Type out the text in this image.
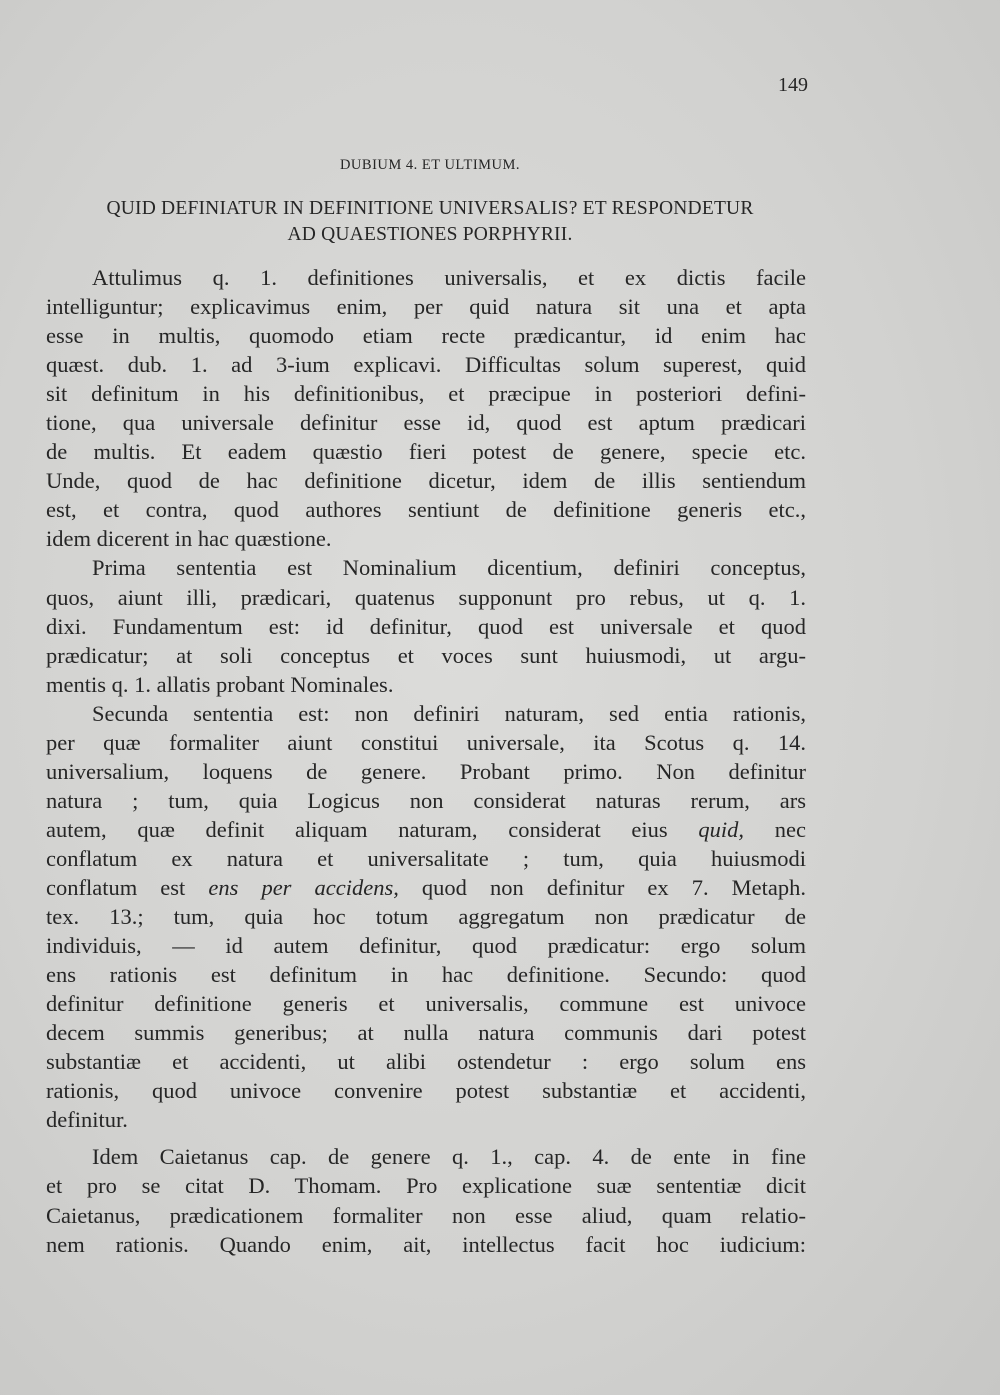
149
DUBIUM 4. ET ULTIMUM.
QUID DEFINIATUR IN DEFINITIONE UNIVERSALIS? ET RESPONDETUR
AD QUAESTIONES PORPHYRII.
Attulimus q. 1. definitiones universalis, et ex dictis facile
intelliguntur; explicavimus enim, per quid natura sit una et apta
esse in multis, quomodo etiam recte prædicantur, id enim hac
quæst. dub. 1. ad 3-ium explicavi. Difficultas solum superest, quid
sit definitum in his definitionibus, et præcipue in posteriori defini-
tione, qua universale definitur esse id, quod est aptum prædicari
de multis. Et eadem quæstio fieri potest de genere, specie etc.
Unde, quod de hac definitione dicetur, idem de illis sentiendum
est, et contra, quod authores sentiunt de definitione generis etc.,
idem dicerent in hac quæstione.
Prima sententia est Nominalium dicentium, definiri conceptus,
quos, aiunt illi, prædicari, quatenus supponunt pro rebus, ut q. 1.
dixi. Fundamentum est: id definitur, quod est universale et quod
prædicatur; at soli conceptus et voces sunt huiusmodi, ut argu-
mentis q. 1. allatis probant Nominales.
Secunda sententia est: non definiri naturam, sed entia rationis,
per quæ formaliter aiunt constitui universale, ita Scotus q. 14.
universalium, loquens de genere. Probant primo. Non definitur
natura ; tum, quia Logicus non considerat naturas rerum, ars
autem, quæ definit aliquam naturam, considerat eius quid, nec
conflatum ex natura et universalitate ; tum, quia huiusmodi
conflatum est ens per accidens, quod non definitur ex 7. Metaph.
tex. 13.; tum, quia hoc totum aggregatum non prædicatur de
individuis, — id autem definitur, quod prædicatur: ergo solum
ens rationis est definitum in hac definitione. Secundo: quod
definitur definitione generis et universalis, commune est univoce
decem summis generibus; at nulla natura communis dari potest
substantiæ et accidenti, ut alibi ostendetur : ergo solum ens
rationis, quod univoce convenire potest substantiæ et accidenti,
definitur.
Idem Caietanus cap. de genere q. 1., cap. 4. de ente in fine
et pro se citat D. Thomam. Pro explicatione suæ sententiæ dicit
Caietanus, prædicationem formaliter non esse aliud, quam relatio-
nem rationis. Quando enim, ait, intellectus facit hoc iudicium:
